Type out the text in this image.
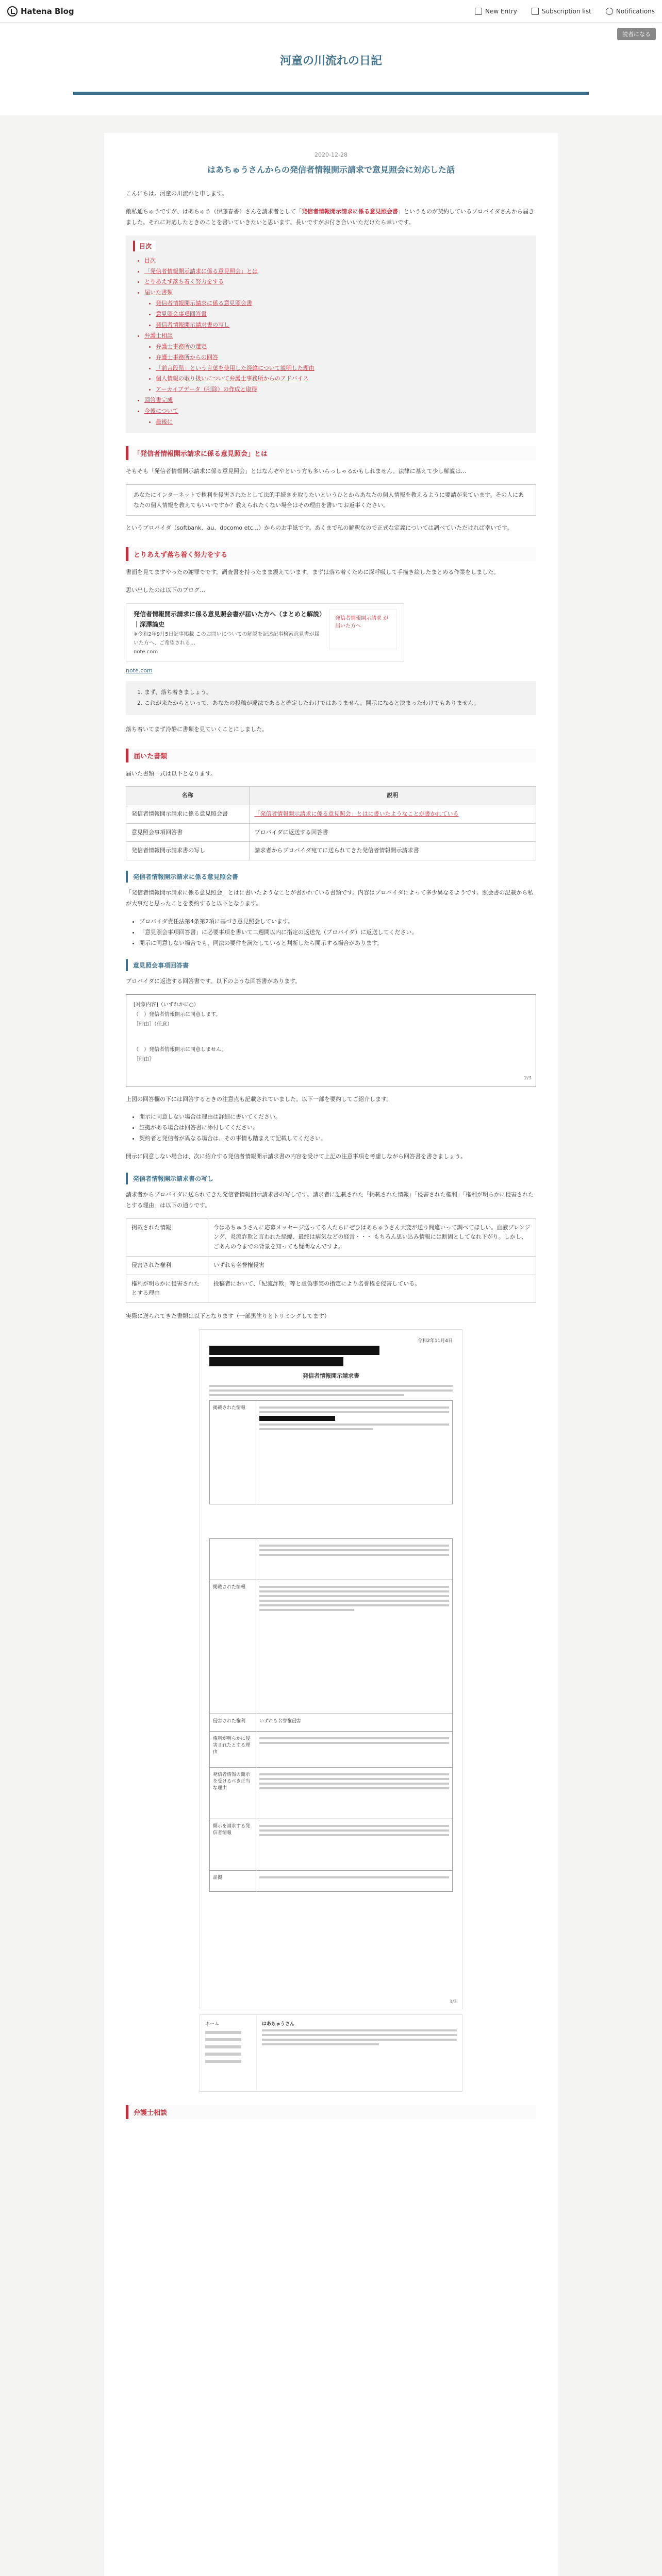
Hatena Blog	New Entry	Subscription list	Notifications
読者になる
河童の川流れの日記
2020-12-28
はあちゅうさんからの発信者情報開示請求で意見照会に対応した話

こんにちは。河童の川流れと申します。

敵私通ちゅうですが、はあちゅう（伊藤春香）さんを請求者として「発信者情報開示請求に係る意見照会書」というものが契約しているプロバイダさんから届きました。それに対応したときのことを書いていきたいと思います。長いですがお付き合いいただけたら幸いです。

目次
• 目次
• 「発信者情報開示請求に係る意見照会」とは
• とりあえず落ち着く努力をする
• 届いた書類
• 発信者情報開示請求に係る意見照会書
• 意見照会事項回答書
• 発信者情報開示請求書の写し
• 弁護士相談
• 弁護士事務所の選定
• 弁護士事務所からの回答
• 「前言段階」という言葉を使用した経緯について説明した理由
• 個人情報の取り扱いについて弁護士事務所からのアドバイス
• アーカイブデータ（削除）の作成と取得
• 回答書完成
• 今後について
• 最後に
「発信者情報開示請求に係る意見照会」とは

そもそも「発信者情報開示請求に係る意見照会」とはなんぞやという方も多いらっしゃるかもしれません。法律に基えて少し解説は…

あなたにインターネットで権利を侵害されたとして法的手続きを取りたいというひとからあなたの個人情報を教えるように要請が来ています。その人にあなたの個人情報を教えてもいいですか？教えられたくない場合はその理由を書いてお返事ください。

というプロバイダ（softbank、au、docomo etc...）からのお手紙です。あくまで私の解釈なので正式な定義については調べていただければ幸いです。

とりあえず落ち着く努力をする

書面を見てますやったの謝罪でです。調査書を持ったまま震えています。まずは落ち着くために深呼吸して手描き絵したまとめる作業をしました。

思い出したのは以下のブログ…

発信者情報開示請求に係る意見照会書が届いた方へ（まとめと解説）｜深澤論史
※令和2年9月5日記事掲載 このお問いについての解説を記述記事検索意見書が届いた方へ、ご希望される…
note.com
発信者情報開示請求 が届いた方へ
note.com
1. まず、落ち着きましょう。
2. これが来たからといって、あなたの投稿が違法であると確定したわけではありません。開示になると決まったわけでもありません。

落ち着いてまず冷静に書類を見ていくことにしました。

届いた書類

届いた書類一式は以下となります。

名称	説明
発信者情報開示請求に係る意見照会書	「発信者情報開示請求に係る意見照会」とはに書いたようなことが書かれている
意見照会事項回答書	プロバイダに返送する回答書
発信者情報開示請求書の写し	請求者からプロバイダ宛てに送られてきた発信者情報開示請求書
発信者情報開示請求に係る意見照会書

「発信者情報開示請求に係る意見照会」とはに書いたようなことが書かれている書類です。内容はプロバイダによって多少異なるようです。照会書の記載から私が大事だと思ったことを要約すると以下となります。

• プロバイダ責任法第4条第2項に基づき意見照会しています。
• 「意見照会事項回答書」に必要事項を書いて二週間以内に指定の返送先（プロバイダ）に返送してください。
• 開示に同意しない場合でも、同法の要件を満たしていると判断したら開示する場合があります。
意見照会事項回答書

プロバイダに返送する回答書です。以下のような回答書があります。

[対象内容]（いずれかに○）
（　）発信者情報開示に同意します。
［理由］（任意）
（　）発信者情報開示に同意しません。
［理由］
2/3

上図の回答欄の下には回答するときの注意点も記載されていました。以下一部を要約してご紹介します。

• 開示に同意しない場合は理由は詳細に書いてください。
• 証拠がある場合は回答書に添付してください。
• 契約者と発信者が異なる場合は、その事情も踏まえて記載してください。

開示に同意しない場合は、次に紹介する発信者情報開示請求書の内容を受けて上記の注意事項を考慮しながら回答書を書きましょう。

発信者情報開示請求書の写し

請求者からプロバイダに送られてきた発信者情報開示請求書の写しです。請求者に記載された「掲載された情報」「侵害された権利」「権利が明らかに侵害されたとする理由」は以下の通りです。

掲載された情報	今はあちゅうさんに応募メッセージ送ってる人たちにぜひはあちゅうさん大変が送り間違いって調べてほしい。血液ブレンジング、炎流詐欺と言われた経緯、最終は病気などの経営・・・ もちろん思い込み情報には断固としてなれ下がり。しかし、ごあんの今までの背景を知っても疑問なんですよ。
侵害された権利	いずれも名誉権侵害
権利が明らかに侵害されたとする理由	投稿者において、「紀流詐欺」等と虚偽事実の指定により名誉権を侵害している。

実際に送られてきた書類は以下となります（一部黒塗りとトリミングしてます）

令和2年11月4日
発信者情報開示請求書
掲載された情報
掲載された情報
侵害された権利	いずれも名誉権侵害
権利が明らかに侵害されたとする理由
発信者情報の開示を受けるべき正当な理由
開示を請求する発信者情報
証拠
3/3
ホーム	はあちゅうさん
弁護士相談
